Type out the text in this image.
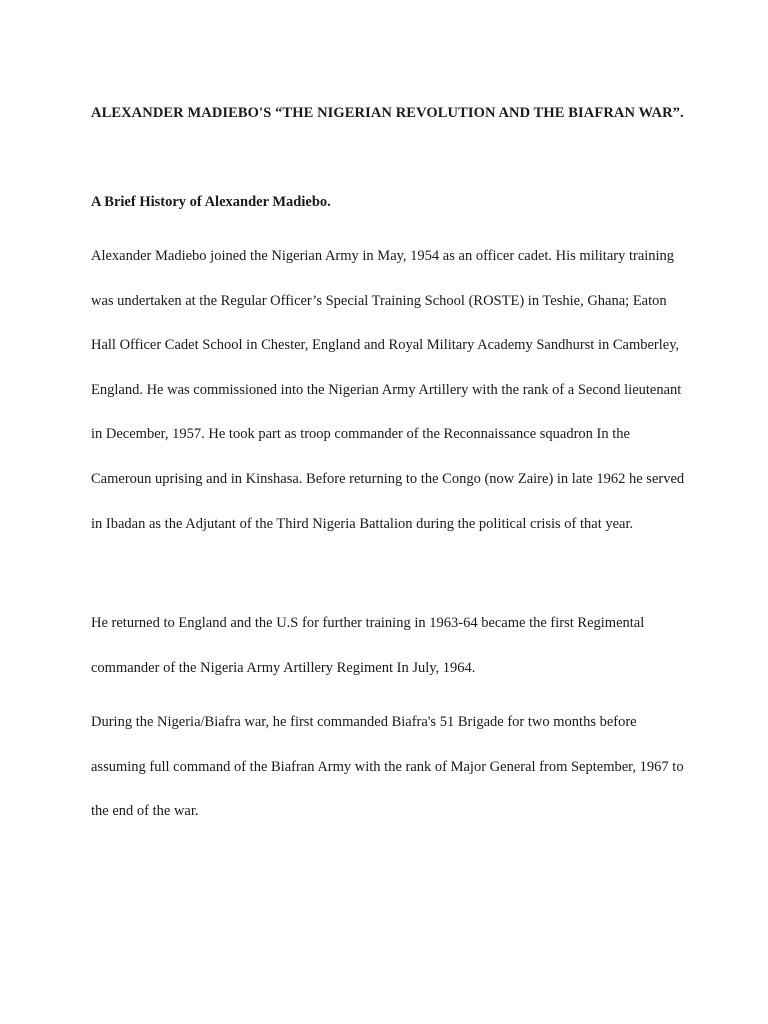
ALEXANDER MADIEBO'S “THE NIGERIAN REVOLUTION AND THE BIAFRAN WAR”.
A Brief History of Alexander Madiebo.

Alexander Madiebo joined the Nigerian Army in May, 1954 as an officer cadet. His military training was undertaken at the Regular Officer’s Special Training School (ROSTE) in Teshie, Ghana; Eaton Hall Officer Cadet School in Chester, England and Royal Military Academy Sandhurst in Camberley, England. He was commissioned into the Nigerian Army Artillery with the rank of a Second lieutenant in December, 1957. He took part as troop commander of the Reconnaissance squadron In the Cameroun uprising and in Kinshasa. Before returning to the Congo (now Zaire) in late 1962 he served in Ibadan as the Adjutant of the Third Nigeria Battalion during the political crisis of that year.

He returned to England and the U.S for further training in 1963-64 became the first Regimental commander of the Nigeria Army Artillery Regiment In July, 1964.

During the Nigeria/Biafra war, he first commanded Biafra's 51 Brigade for two months before assuming full command of the Biafran Army with the rank of Major General from September, 1967 to the end of the war.
